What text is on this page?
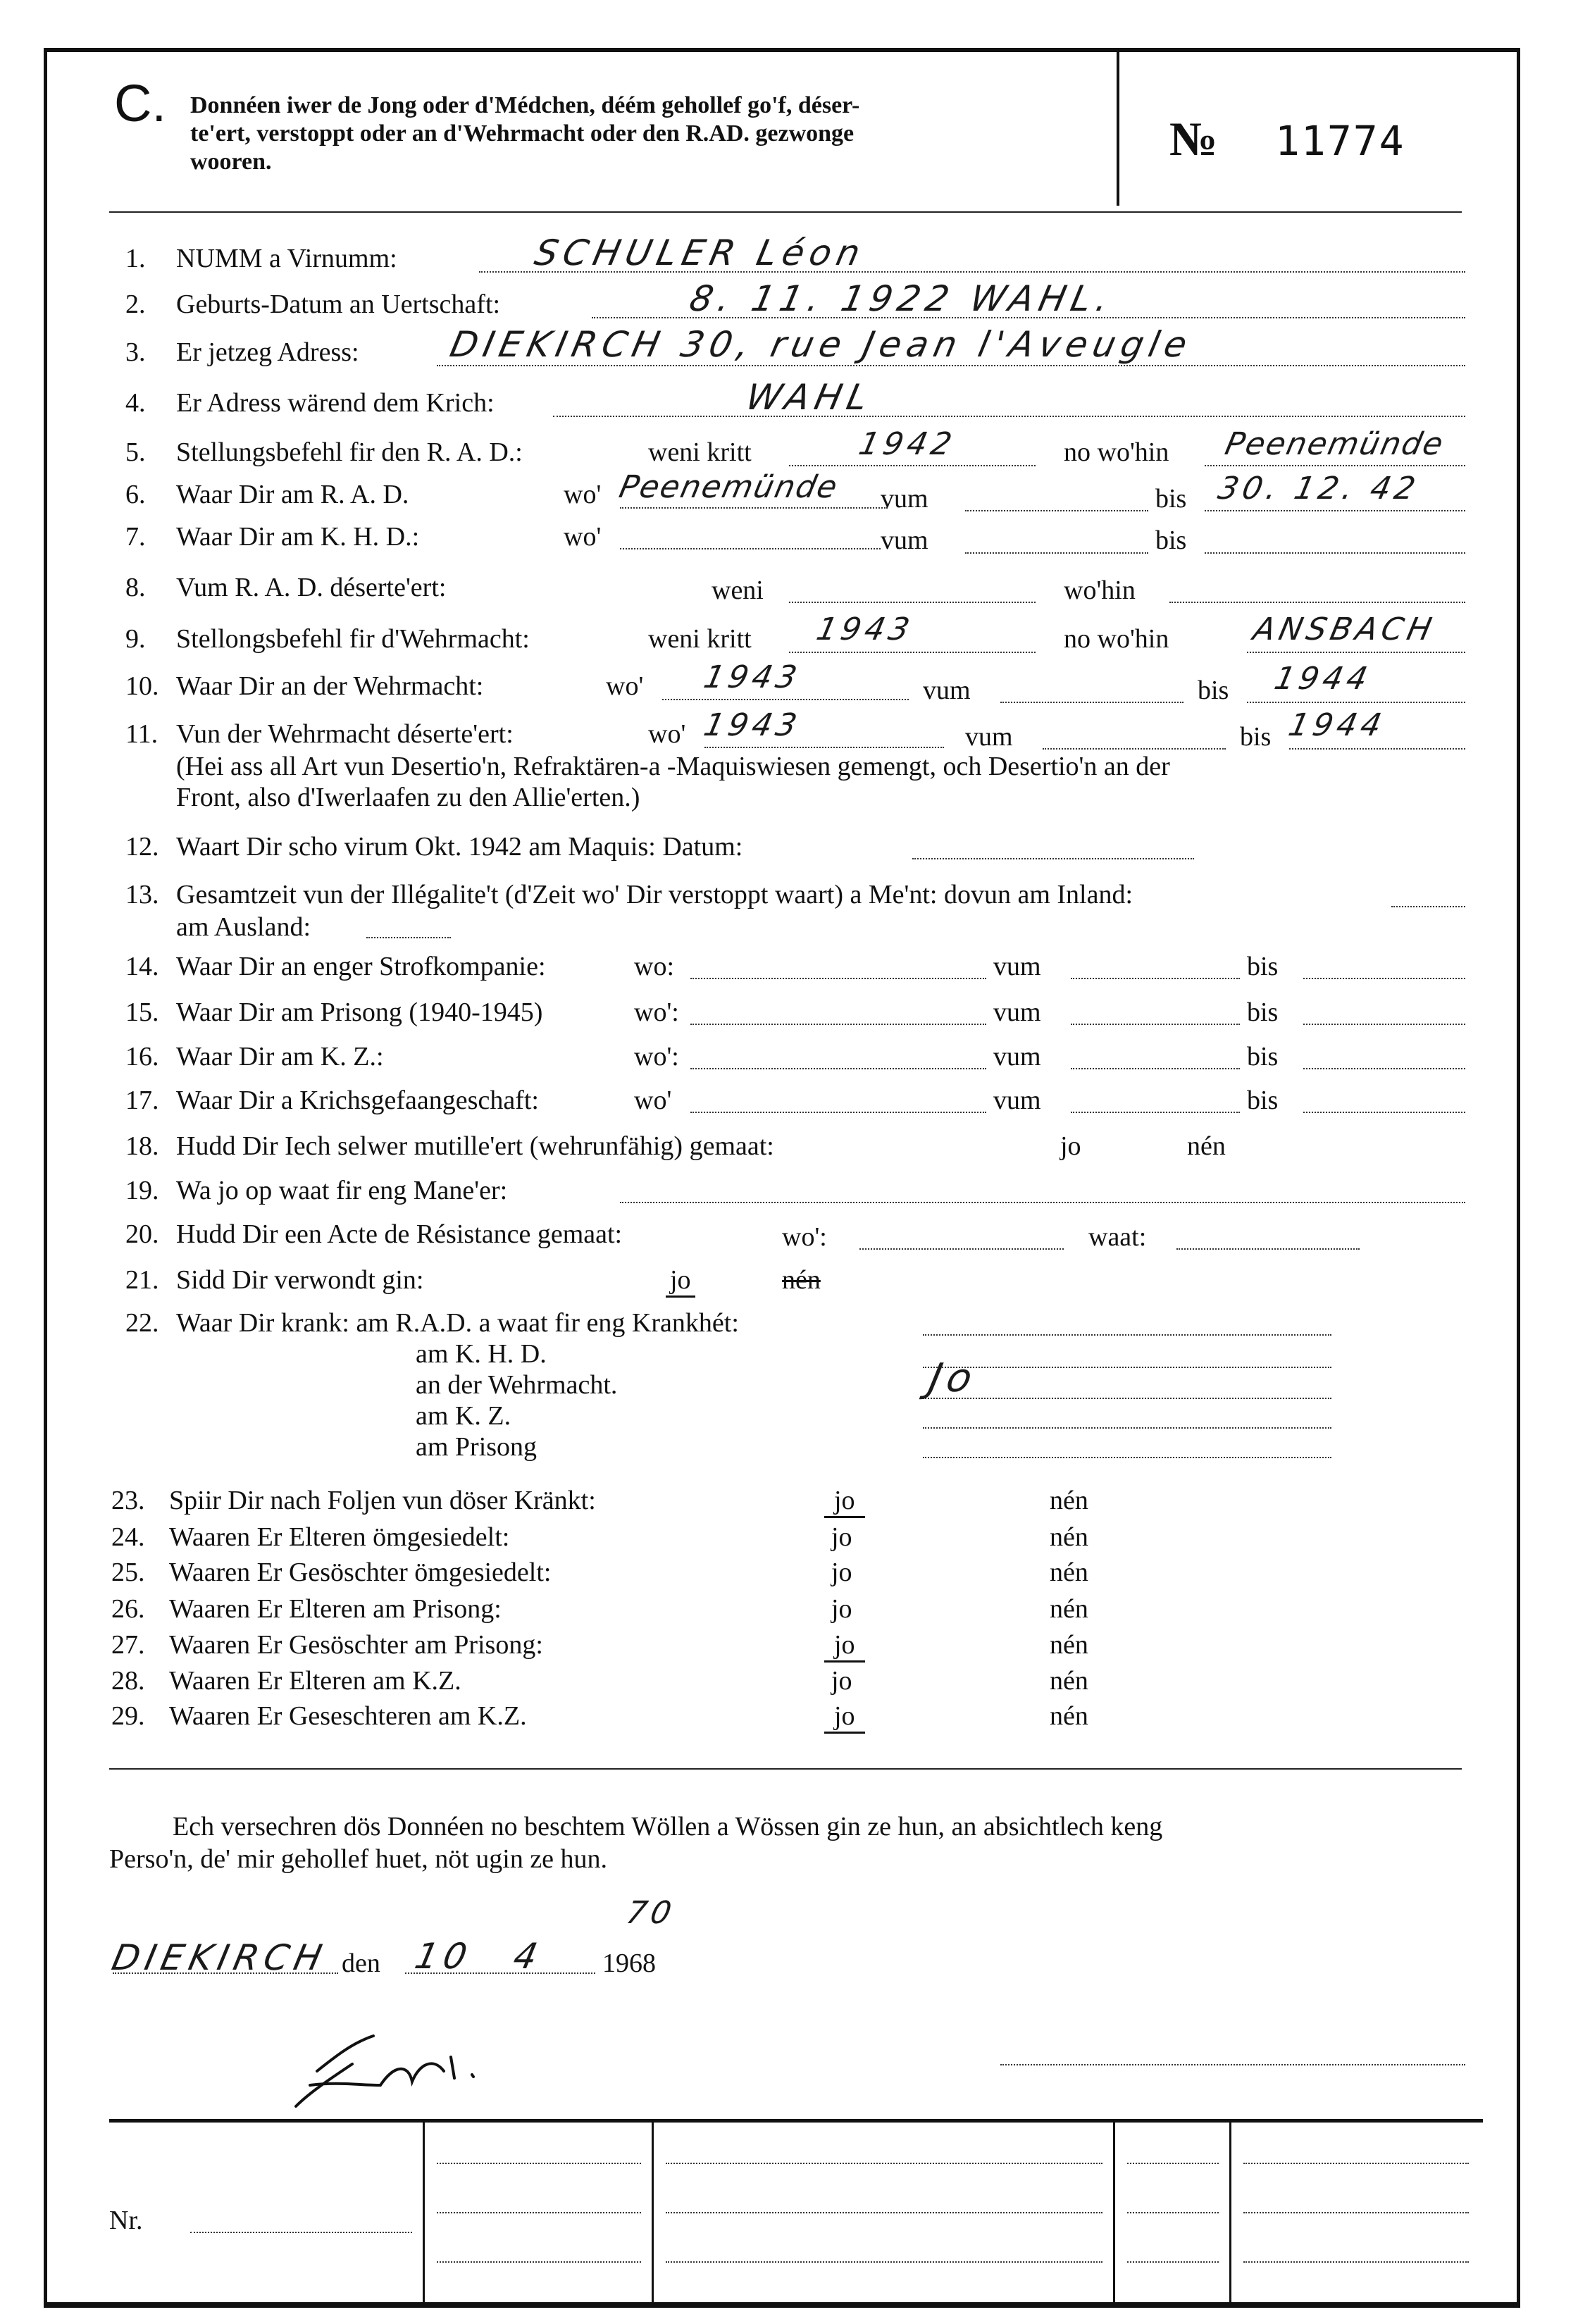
C. Donnéen iwer de Jong oder d'Médchen, déém gehollef go'f, déser-
te'ert, verstoppt oder an d'Wehrmacht oder den R.AD. gezwonge
wooren.	№ 11774
1. NUMM a Virnumm:	SCHULER Léon
2. Geburts-Datum an Uertschaft:	8. 11. 1922 WAHL.
3. Er jetzeg Adress: DIEKIRCH 30, rue Jean l'Aveugle
4. Er Adress wärend dem Krich:	WAHL
5. Stellungsbefehl fir den R. A. D.:	weni kritt	1942	no wo'hin Peenemünde
6. Waar Dir am R. A. D.	wo' Peenemünde vum	bis 30. 12. 42
7. Waar Dir am K. H. D.:	wo'	vum	bis
8. Vum R. A. D. déserte'ert:	weni	wo'hin
9. Stellongsbefehl fir d'Wehrmacht:	weni kritt 1943	no wo'hin	ANSBACH
10. Waar Dir an der Wehrmacht:	wo' 1943	vum	bis 1944
11. Vun der Wehrmacht déserte'ert:	wo' 1943	vum	bis 1944
(Hei ass all Art vun Desertio'n, Refraktären-a -Maquiswiesen gemengt, och Desertio'n an der
Front, also d'Iwerlaafen zu den Allie'erten.)
12. Waart Dir scho virum Okt. 1942 am Maquis: Datum:
13. Gesamtzeit vun der Illégalite't (d'Zeit wo' Dir verstoppt waart) a Me'nt: dovun am Inland:
am Ausland:
14. Waar Dir an enger Strofkompanie:	wo:	vum	bis
15. Waar Dir am Prisong (1940-1945)	wo':	vum	bis
16. Waar Dir am K. Z.:	wo':	vum	bis
17. Waar Dir a Krichsgefaangeschaft:	wo'	vum	bis
18. Hudd Dir Iech selwer mutille'ert (wehrunfähig) gemaat:	jo	nén
19. Wa jo op waat fir eng Mane'er:
20. Hudd Dir een Acte de Résistance gemaat:	wo':	waat:
21. Sidd Dir verwondt gin:	jo	nén
22. Waar Dir krank: am R.A.D. a waat fir eng Krankhét:
am K. H. D.
an der Wehrmacht.	Jo
am K. Z.
am Prisong
23. Spiir Dir nach Foljen vun döser Kränkt:	jo	nén
24. Waaren Er Elteren ömgesiedelt:	jo	nén
25. Waaren Er Gesöschter ömgesiedelt:	jo	nén
26. Waaren Er Elteren am Prisong:	jo	nén
27. Waaren Er Gesöschter am Prisong:	jo	nén
28. Waaren Er Elteren am K.Z.	jo	nén
29. Waaren Er Geseschteren am K.Z.	jo	nén
Ech versechren dös Donnéen no beschtem Wöllen a Wössen gin ze hun, an absichtlech keng
Perso'n, de' mir gehollef huet, nöt ugin ze hun.
DIEKIRCH den 10 4 1968
70
Nr.
